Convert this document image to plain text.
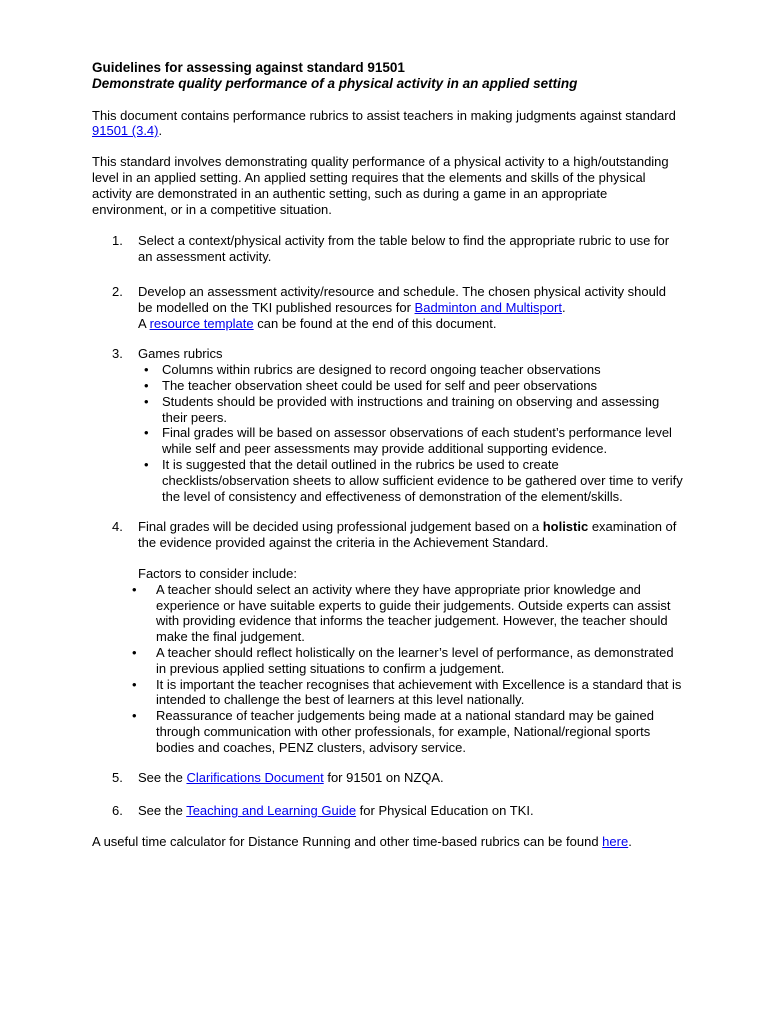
Guidelines for assessing against standard 91501

Demonstrate quality performance of a physical activity in an applied setting

This document contains performance rubrics to assist teachers in making judgments against standard 91501 (3.4).

This standard involves demonstrating quality performance of a physical activity to a high/outstanding level in an applied setting. An applied setting requires that the elements and skills of the physical activity are demonstrated in an authentic setting, such as during a game in an appropriate environment, or in a competitive situation.

1. Select a context/physical activity from the table below to find the appropriate rubric to use for an assessment activity.

2. Develop an assessment activity/resource and schedule. The chosen physical activity should be modelled on the TKI published resources for Badminton and Multisport.
A resource template can be found at the end of this document.

3. Games rubrics

• Columns within rubrics are designed to record ongoing teacher observations
• The teacher observation sheet could be used for self and peer observations
• Students should be provided with instructions and training on observing and assessing their peers.
• Final grades will be based on assessor observations of each student’s performance level while self and peer assessments may provide additional supporting evidence.
• It is suggested that the detail outlined in the rubrics be used to create checklists/observation sheets to allow sufficient evidence to be gathered over time to verify the level of consistency and effectiveness of demonstration of the element/skills.
4. Final grades will be decided using professional judgement based on a holistic examination of the evidence provided against the criteria in the Achievement Standard.

Factors to consider include:

• A teacher should select an activity where they have appropriate prior knowledge and experience or have suitable experts to guide their judgements. Outside experts can assist with providing evidence that informs the teacher judgement. However, the teacher should make the final judgement.
• A teacher should reflect holistically on the learner’s level of performance, as demonstrated in previous applied setting situations to confirm a judgement.
• It is important the teacher recognises that achievement with Excellence is a standard that is intended to challenge the best of learners at this level nationally.
• Reassurance of teacher judgements being made at a national standard may be gained through communication with other professionals, for example, National/regional sports bodies and coaches, PENZ clusters, advisory service.
5. See the Clarifications Document for 91501 on NZQA.

6. See the Teaching and Learning Guide for Physical Education on TKI.

A useful time calculator for Distance Running and other time-based rubrics can be found here.
